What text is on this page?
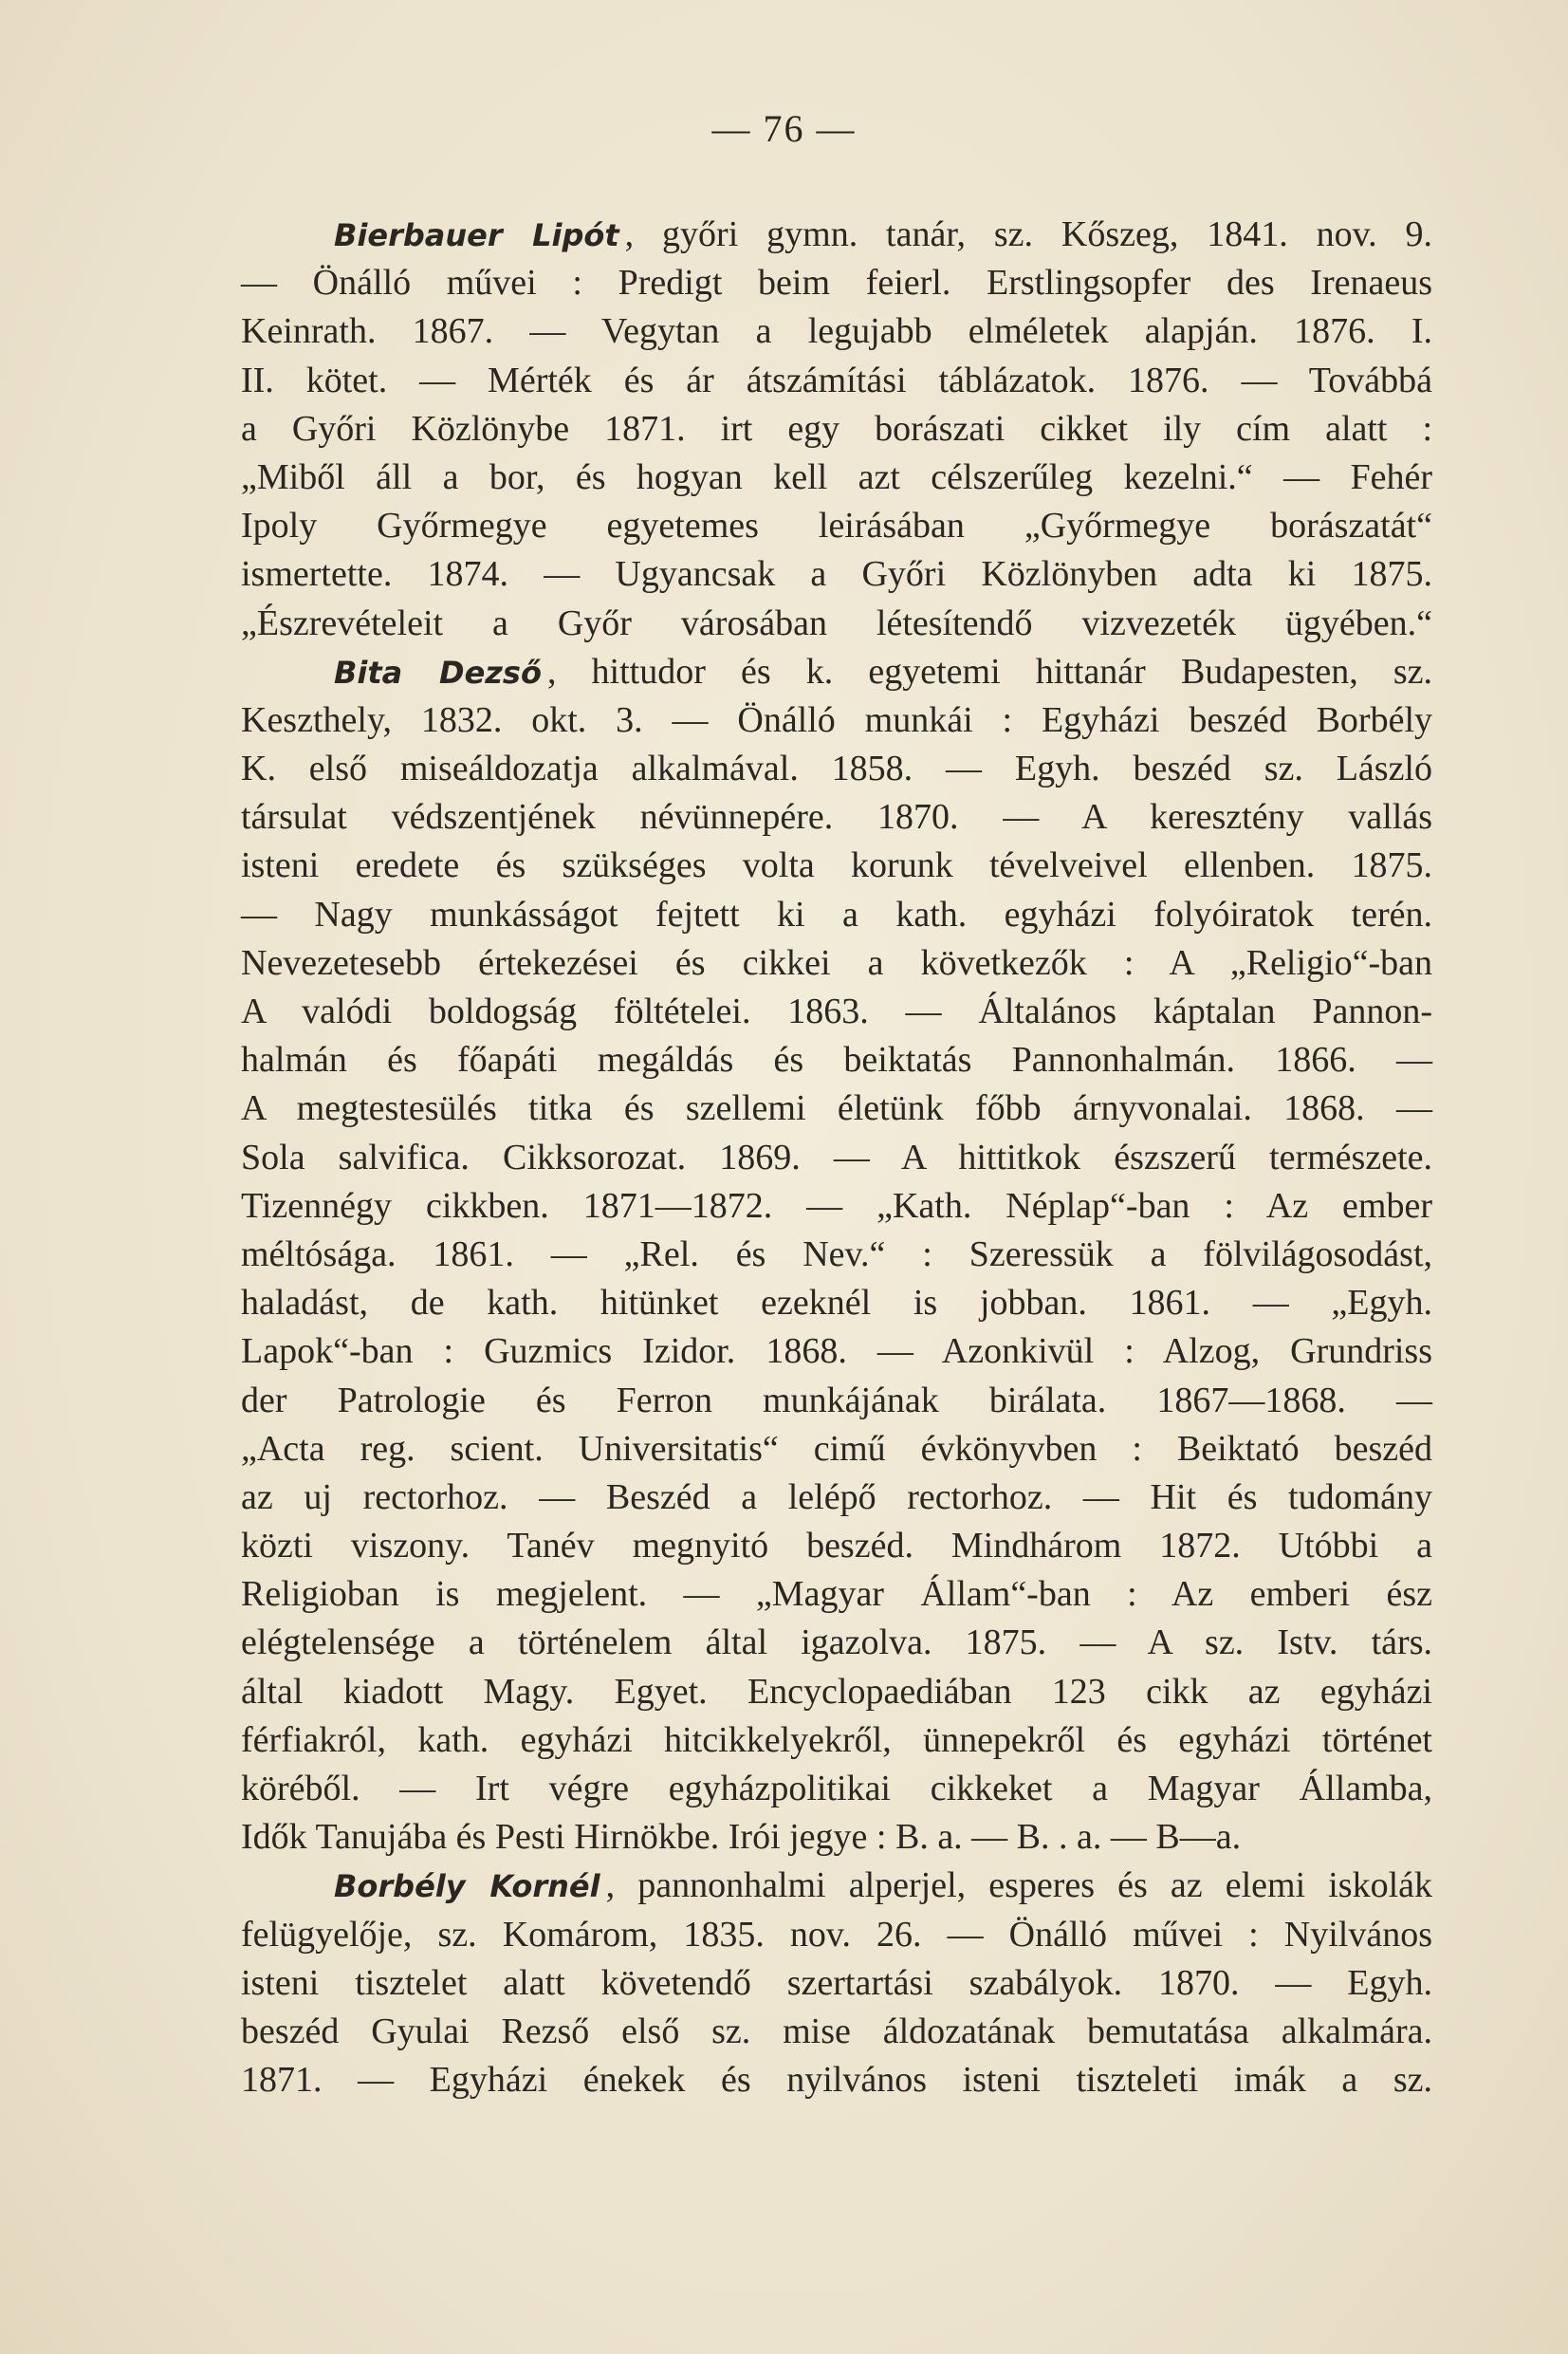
— 76 —
Bierbauer Lipót , győri gymn. tanár, sz. Kőszeg, 1841. nov. 9.
— Önálló művei : Predigt beim feierl. Erstlingsopfer des Irenaeus
Keinrath. 1867. — Vegytan a legujabb elméletek alapján. 1876. I.
II. kötet. — Mérték és ár átszámítási táblázatok. 1876. — Továbbá
a Győri Közlönybe 1871. irt egy borászati cikket ily cím alatt :
„Miből áll a bor, és hogyan kell azt célszerűleg kezelni.“ — Fehér
Ipoly Győrmegye egyetemes leirásában „Győrmegye borászatát“
ismertette. 1874. — Ugyancsak a Győri Közlönyben adta ki 1875.
„Észrevételeit a Győr városában létesítendő vizvezeték ügyében.“
Bita Dezső , hittudor és k. egyetemi hittanár Budapesten, sz.
Keszthely, 1832. okt. 3. — Önálló munkái : Egyházi beszéd Borbély
K. első miseáldozatja alkalmával. 1858. — Egyh. beszéd sz. László
társulat védszentjének névünnepére. 1870. — A keresztény vallás
isteni eredete és szükséges volta korunk tévelveivel ellenben. 1875.
— Nagy munkásságot fejtett ki a kath. egyházi folyóiratok terén.
Nevezetesebb értekezései és cikkei a következők : A „Religio“-ban
A valódi boldogság föltételei. 1863. — Általános káptalan Pannon-
halmán és főapáti megáldás és beiktatás Pannonhalmán. 1866. —
A megtestesülés titka és szellemi életünk főbb árnyvonalai. 1868. —
Sola salvifica. Cikksorozat. 1869. — A hittitkok észszerű természete.
Tizennégy cikkben. 1871—1872. — „Kath. Néplap“-ban : Az ember
méltósága. 1861. — „Rel. és Nev.“ : Szeressük a fölvilágosodást,
haladást, de kath. hitünket ezeknél is jobban. 1861. — „Egyh.
Lapok“-ban : Guzmics Izidor. 1868. — Azonkivül : Alzog, Grundriss
der Patrologie és Ferron munkájának birálata. 1867—1868. —
„Acta reg. scient. Universitatis“ cimű évkönyvben : Beiktató beszéd
az uj rectorhoz. — Beszéd a lelépő rectorhoz. — Hit és tudomány
közti viszony. Tanév megnyitó beszéd. Mindhárom 1872. Utóbbi a
Religioban is megjelent. — „Magyar Állam“-ban : Az emberi ész
elégtelensége a történelem által igazolva. 1875. — A sz. Istv. társ.
által kiadott Magy. Egyet. Encyclopaediában 123 cikk az egyházi
férfiakról, kath. egyházi hitcikkelyekről, ünnepekről és egyházi történet
köréből. — Irt végre egyházpolitikai cikkeket a Magyar Államba,
Idők Tanujába és Pesti Hirnökbe. Irói jegye : B. a. — B. . a. — B—a.
Borbély Kornél , pannonhalmi alperjel, esperes és az elemi iskolák
felügyelője, sz. Komárom, 1835. nov. 26. — Önálló művei : Nyilvános
isteni tisztelet alatt követendő szertartási szabályok. 1870. — Egyh.
beszéd Gyulai Rezső első sz. mise áldozatának bemutatása alkalmára.
1871. — Egyházi énekek és nyilvános isteni tiszteleti imák a sz.
